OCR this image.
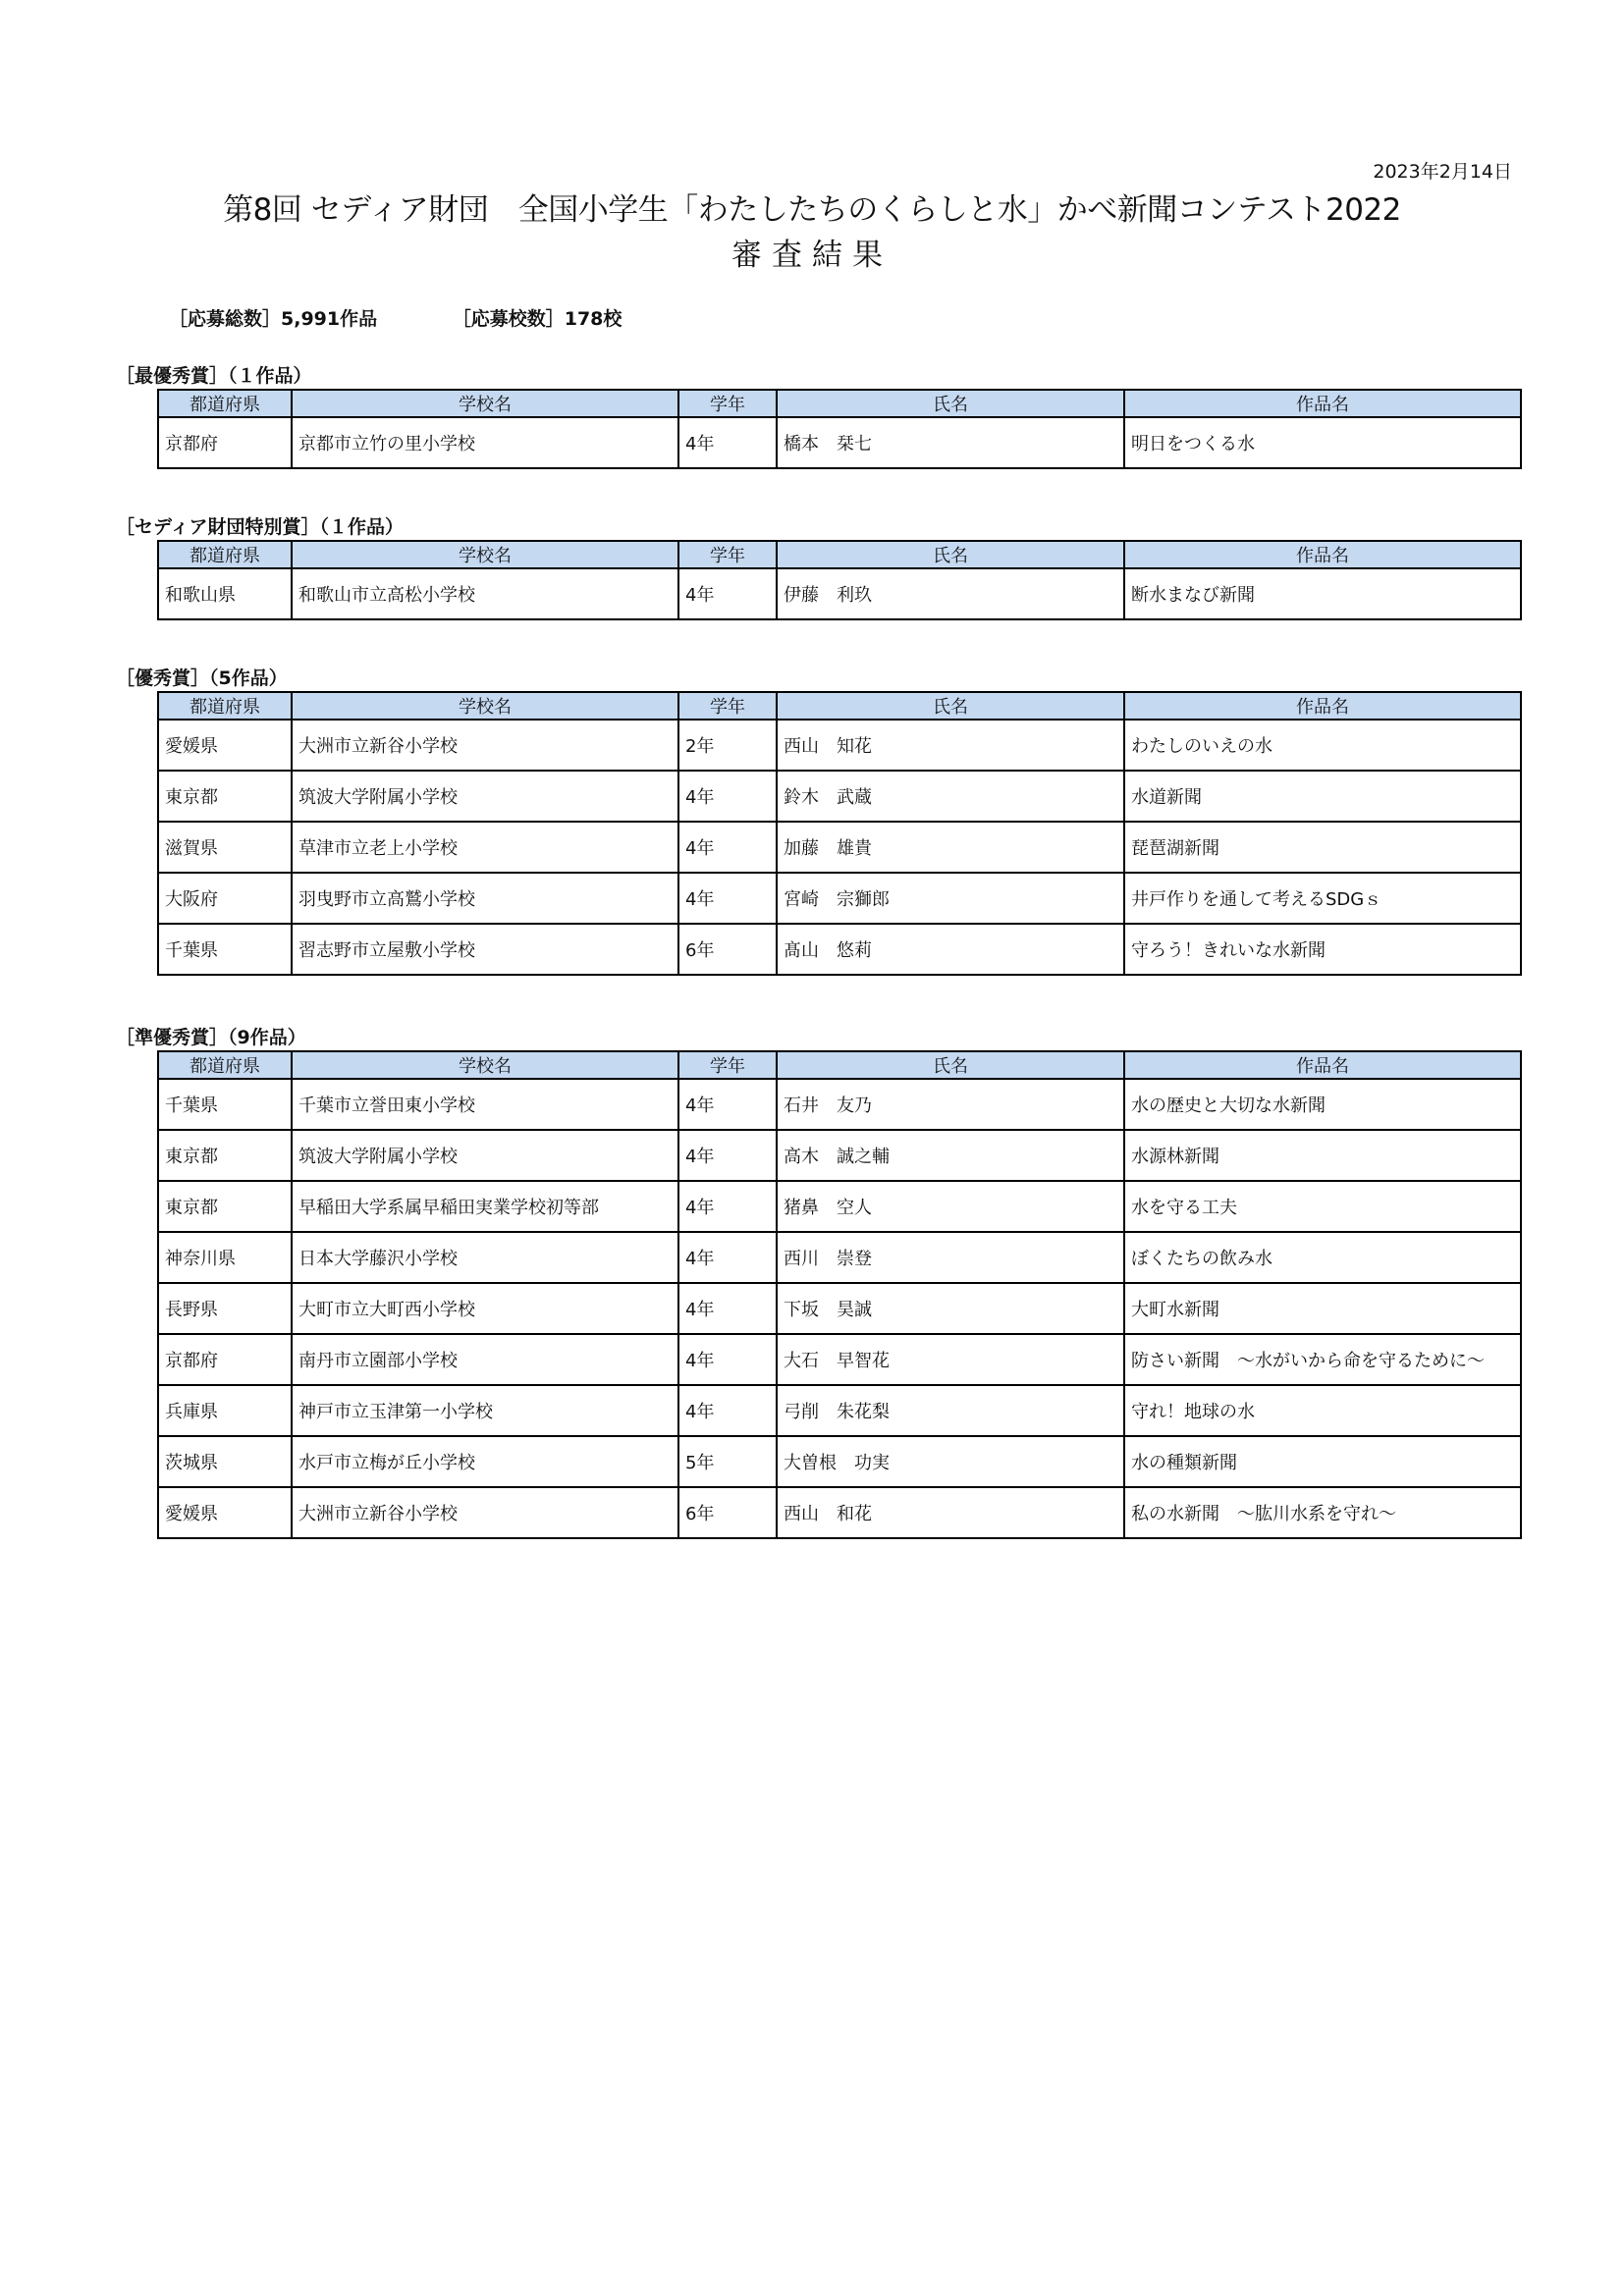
2023年2月14日
第8回 セディア財団　全国小学生「わたしたちのくらしと水」かべ新聞コンテスト2022
審査結果
［応募総数］5,991作品	［応募校数］178校
［最優秀賞］（１作品）
都道府県	学校名	学年	氏名	作品名
京都府	京都市立竹の里小学校	4年	橋本　栞七	明日をつくる水
［セディア財団特別賞］（１作品）
都道府県	学校名	学年	氏名	作品名
和歌山県	和歌山市立高松小学校	4年	伊藤　利玖	断水まなび新聞
［優秀賞］（5作品）
都道府県	学校名	学年	氏名	作品名
愛媛県	大洲市立新谷小学校	2年	西山　知花	わたしのいえの水
東京都	筑波大学附属小学校	4年	鈴木　武蔵	水道新聞
滋賀県	草津市立老上小学校	4年	加藤　雄貴	琵琶湖新聞
大阪府	羽曳野市立高鷲小学校	4年	宮崎　宗獅郎	井戸作りを通して考えるSDGｓ
千葉県	習志野市立屋敷小学校	6年	髙山　悠莉	守ろう！きれいな水新聞
［準優秀賞］（9作品）
都道府県	学校名	学年	氏名	作品名
千葉県	千葉市立誉田東小学校	4年	石井　友乃	水の歴史と大切な水新聞
東京都	筑波大学附属小学校	4年	高木　誠之輔	水源林新聞
東京都	早稲田大学系属早稲田実業学校初等部	4年	猪鼻　空人	水を守る工夫
神奈川県	日本大学藤沢小学校	4年	西川　崇登	ぼくたちの飲み水
長野県	大町市立大町西小学校	4年	下坂　昊誠	大町水新聞
京都府	南丹市立園部小学校	4年	大石　早智花	防さい新聞　～水がいから命を守るために～
兵庫県	神戸市立玉津第一小学校	4年	弓削　朱花梨	守れ！地球の水
茨城県	水戸市立梅が丘小学校	5年	大曽根　功実	水の種類新聞
愛媛県	大洲市立新谷小学校	6年	西山　和花	私の水新聞　～肱川水系を守れ～
